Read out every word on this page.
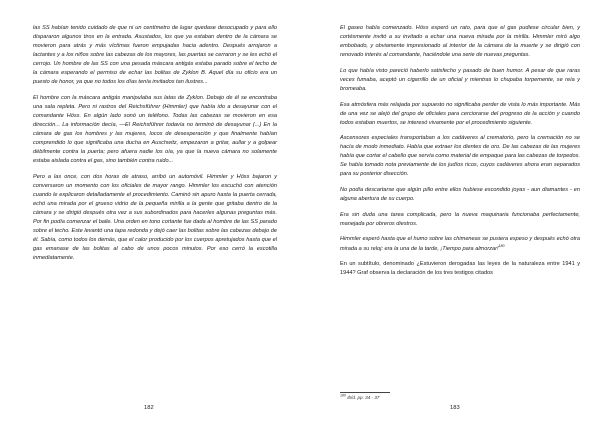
las SS habían tenido cuidado de que ni un centímetro de lugar quedase desocupado y para ello dispararon algunos tiros en la entrada. Asustados, los que ya estaban dentro de la cámara se movieron para atrás y más víctimas fueron empujadas hacia adentro. Después arrojaron a lactantes y a los niños sobre las cabezas de los mayores, las puertas se cerraron y se les echó el cerrojo. Un hombre de las SS con una pesada máscara antigás estaba parado sobre el techo de la cámara esperando el permiso de echar las bolitas de Zyklon B. Aquel día su oficio era un puesto de honor, ya que no todos los días tenía invitados tan ilustres...

El hombre con la máscara antigás manipulaba sus latas de Zyklon. Debajo de él se encontraba una sala repleta. Pero ni rastros del Reichsführer (Himmler) que había ido a desayunar con el comandante Höss. En algún lado sonó un teléfono. Todas las cabezas se movieron en esa dirección... La información decía, —El Reichsführer todavía no terminó de desayunar (...) En la cámara de gas los hombres y las mujeres, locos de desesperación y que finalmente habían comprendido lo que significaba una ducha en Auschwitz, empezaron a gritar, aullar y a golpear débilmente contra la puerta; pero afuera nadie los oía, ya que la nueva cámara no solamente estaba aislada contra el gas, sino también contra ruido...

Pero a las once, con dos horas de atraso, arribó un automóvil. Himmler y Höss bajaron y conversaron un momento con los oficiales de mayor rango. Himmler los escuchó con atención cuando le explicaron detalladamente el procedimiento. Caminó sin apuro hasta la puerta cerrada, echó una mirada por el grueso vidrio de la pequeña mirilla a la gente que gritaba dentro de la cámara y se dirigió después otra vez a sus subordinados para hacerles algunas preguntas más. Por fin podía comenzar el baile. Una orden en tono cortante fue dada al hombre de las SS parado sobre el techo. Este levantó una tapa redonda y dejó caer las bolitas sobre las cabezas debajo de él. Sabía, como todos los demás, que el calor producido por los cuerpos apretujados hasta que el gas emanase de las bolitas al cabo de unos pocos minutos. Por eso cerró la escotilla inmediatamente.

182

El gaseo había comenzado. Höss esperó un rato, para que el gas pudiese circular bien, y cortésmente invitó a su invitado a echar una nueva mirada por la mirilla. Himmler miró algo embobado, y obviamente impresionado al interior de la cámara de la muerte y se dirigió con renovado interés al comandante, haciéndole una serie de nuevas preguntas.

Lo que había visto pareció haberlo satisfecho y pasado de buen humor. A pesar de que raras veces fumaba, aceptó un cigarrillo de un oficial y mientras lo chupaba torpemente, se reía y bromeaba.

Esa atmósfera más relajada por supuesto no significaba perder de vista lo más importante. Más de una vez se alejó del grupo de oficiales para cerciorarse del progreso de la acción y cuando todos estaban muertos, se interesó vivamente por el procedimiento siguiente.

Ascensores especiales transportaban a los cadáveres al crematorio, pero la cremación no se hacía de modo inmediato. Había que extraer los dientes de oro. De las cabezas de las mujeres había que cortar el cabello que servía como material de empaque para las cabezas de torpedos. Se había tomado nota previamente de los judíos ricos, cuyos cadáveres ahora eran separados para su posterior disección.

No podía descartarse que algún pillo entre ellos hubiese escondido joyas - aun diamantes - en alguna abertura de su cuerpo.

Era sin duda una tarea complicada, pero la nueva maquinaria funcionaba perfectamente, manejada por obreros diestros.

Himmler esperó hasta que el humo sobre las chimeneas se pusiera espeso y después echó otra mirada a su reloj: era la una de la tarde, ¡Tiempo para almorzar!$^{180}$

En un subtítulo, denominado ¿Estuvieron derogadas las leyes de la naturaleza entre 1941 y 1944? Graf observa la declaración de los tres testigos citados

$^{180}$ Ibíd. pp. 34 - 37
183
